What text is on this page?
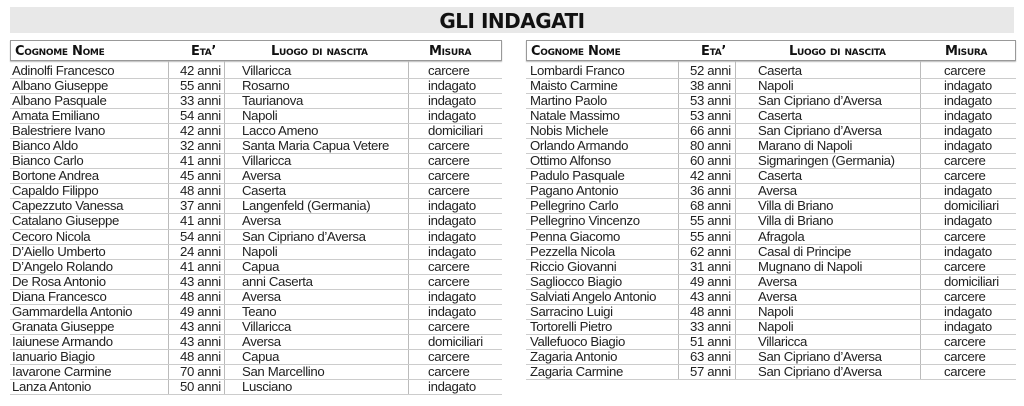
GLI INDAGATI
Cognome Nome	Eta’	Luogo di nascita	Misura
Adinolfi Francesco	42 anni Villaricca	carcere
Albano Giuseppe	55 anni Rosarno	indagato
Albano Pasquale	33 anni Taurianova	indagato
Amata Emiliano	54 anni Napoli	indagato
Balestriere Ivano	42 anni Lacco Ameno	domiciliari
Bianco Aldo	32 anni Santa Maria Capua Vetere	carcere
Bianco Carlo	41 anni Villaricca	carcere
Bortone Andrea	45 anni Aversa	carcere
Capaldo Filippo	48 anni Caserta	carcere
Capezzuto Vanessa	37 anni Langenfeld (Germania)	indagato
Catalano Giuseppe	41 anni Aversa	indagato
Cecoro Nicola	54 anni San Cipriano d’Aversa	indagato
D’Aiello Umberto	24 anni Napoli	indagato
D’Angelo Rolando	41 anni Capua	carcere
De Rosa Antonio	43 anni anni Caserta	carcere
Diana Francesco	48 anni Aversa	indagato
Gammardella Antonio	49 anni Teano	indagato
Granata Giuseppe	43 anni Villaricca	carcere
Iaiunese Armando	43 anni Aversa	domiciliari
Ianuario Biagio	48 anni Capua	carcere
Iavarone Carmine	70 anni San Marcellino	carcere
Lanza Antonio	50 anni Lusciano	indagato
Cognome Nome	Eta’	Luogo di nascita	Misura
Lombardi Franco	52 anni Caserta	carcere
Maisto Carmine	38 anni Napoli	indagato
Martino Paolo	53 anni San Cipriano d’Aversa	indagato
Natale Massimo	53 anni Caserta	indagato
Nobis Michele	66 anni San Cipriano d’Aversa	indagato
Orlando Armando	80 anni Marano di Napoli	indagato
Ottimo Alfonso	60 anni Sigmaringen (Germania)	carcere
Padulo Pasquale	42 anni Caserta	carcere
Pagano Antonio	36 anni Aversa	indagato
Pellegrino Carlo	68 anni Villa di Briano	domiciliari
Pellegrino Vincenzo	55 anni Villa di Briano	indagato
Penna Giacomo	55 anni Afragola	carcere
Pezzella Nicola	62 anni Casal di Principe	indagato
Riccio Giovanni	31 anni Mugnano di Napoli	carcere
Sagliocco Biagio	49 anni Aversa	domiciliari
Salviati Angelo Antonio	43 anni Aversa	carcere
Sarracino Luigi	48 anni Napoli	indagato
Tortorelli Pietro	33 anni Napoli	indagato
Vallefuoco Biagio	51 anni Villaricca	carcere
Zagaria Antonio	63 anni San Cipriano d’Aversa	carcere
Zagaria Carmine	57 anni San Cipriano d’Aversa	carcere
